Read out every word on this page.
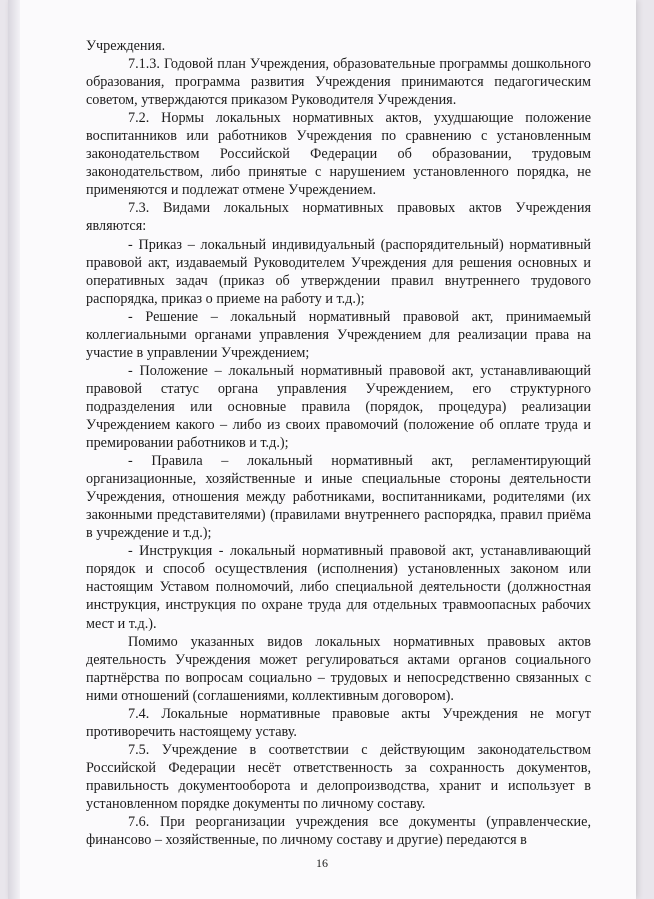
Учреждения.

7.1.3. Годовой план Учреждения, образовательные программы дошкольного образования, программа развития Учреждения принимаются педагогическим советом, утверждаются приказом Руководителя Учреждения.

7.2. Нормы локальных нормативных актов, ухудшающие положение воспитанников или работников Учреждения по сравнению с установленным законодательством Российской Федерации об образовании, трудовым законодательством, либо принятые с нарушением установленного порядка, не применяются и подлежат отмене Учреждением.

7.3. Видами локальных нормативных правовых актов Учреждения являются:

- Приказ – локальный индивидуальный (распорядительный) нормативный правовой акт, издаваемый Руководителем Учреждения для решения основных и оперативных задач (приказ об утверждении правил внутреннего трудового распорядка, приказ о приеме на работу и т.д.);

- Решение – локальный нормативный правовой акт, принимаемый коллегиальными органами управления Учреждением для реализации права на участие в управлении Учреждением;

- Положение – локальный нормативный правовой акт, устанавливающий правовой статус органа управления Учреждением, его структурного подразделения или основные правила (порядок, процедура) реализации Учреждением какого – либо из своих правомочий (положение об оплате труда и премировании работников и т.д.);

- Правила – локальный нормативный акт, регламентирующий организационные, хозяйственные и иные специальные стороны деятельности Учреждения, отношения между работниками, воспитанниками, родителями (их законными представителями) (правилами внутреннего распорядка, правил приёма в учреждение и т.д.);

- Инструкция - локальный нормативный правовой акт, устанавливающий порядок и способ осуществления (исполнения) установленных законом или настоящим Уставом полномочий, либо специальной деятельности (должностная инструкция, инструкция по охране труда для отдельных травмоопасных рабочих мест и т.д.).

Помимо указанных видов локальных нормативных правовых актов деятельность Учреждения может регулироваться актами органов социального партнёрства по вопросам социально – трудовых и непосредственно связанных с ними отношений (соглашениями, коллективным договором).

7.4. Локальные нормативные правовые акты Учреждения не могут противоречить настоящему уставу.

7.5. Учреждение в соответствии с действующим законодательством Российской Федерации несёт ответственность за сохранность документов, правильность документооборота и делопроизводства, хранит и использует в установленном порядке документы по личному составу.

7.6. При реорганизации учреждения все документы (управленческие, финансово – хозяйственные, по личному составу и другие) передаются в

16
